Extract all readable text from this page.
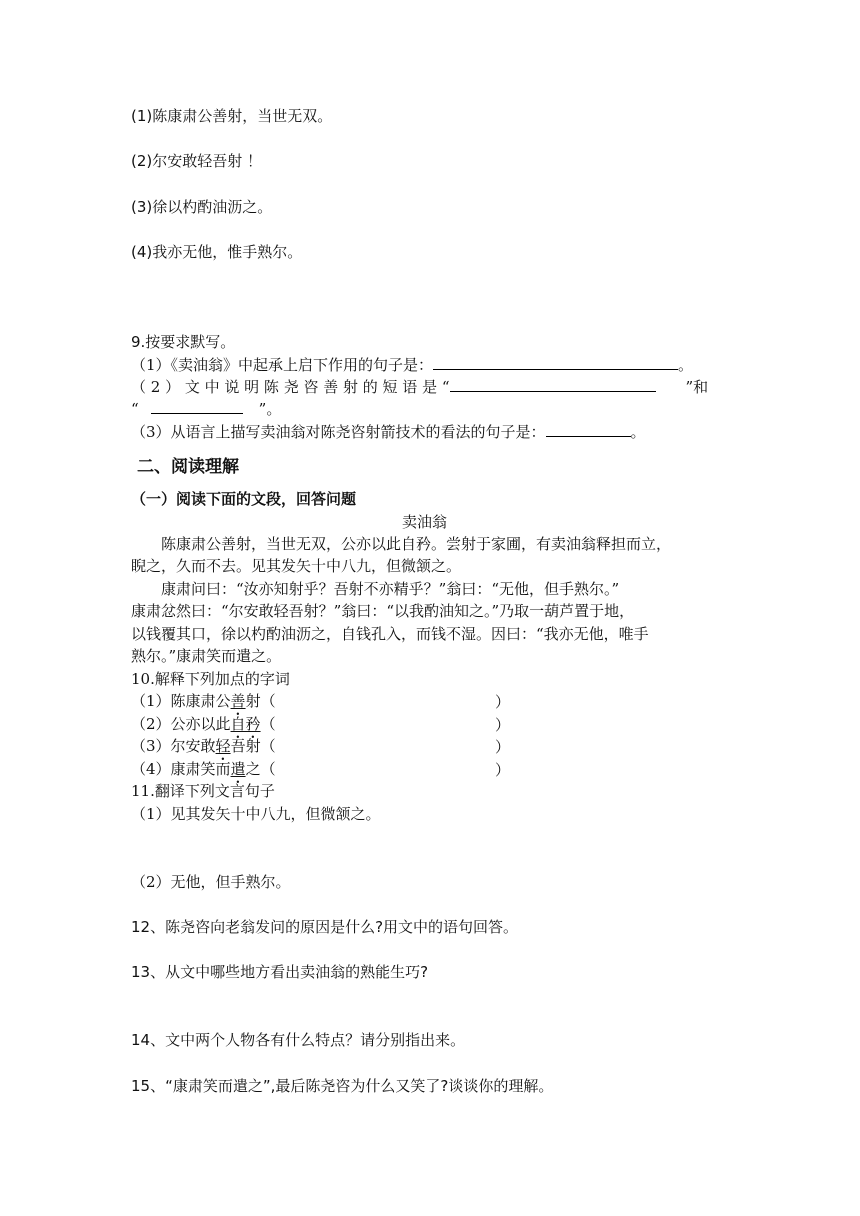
(1)陈康肃公善射，当世无双。
(2)尔安敢轻吾射 ！
(3)徐以杓酌油沥之。
(4)我亦无他，惟手熟尔。
9.按要求默写。
（1）《卖油翁》中起承上启下作用的句子是：	。
（ 2 ） 文 中 说 明 陈 尧 咨 善 射 的 短 语 是 “	”和
“	”。
（3）从语言上描写卖油翁对陈尧咨射箭技术的看法的句子是：	。
二、阅读理解
（一）阅读下面的文段，回答问题
卖油翁
陈康肃公善射，当世无双，公亦以此自矜。尝射于家圃，有卖油翁释担而立，
睨之，久而不去。见其发矢十中八九，但微颔之。
康肃问曰：“汝亦知射乎？吾射不亦精乎？”翁曰：“无他，但手熟尔。”
康肃忿然曰：“尔安敢轻吾射？”翁曰：“以我酌油知之。”乃取一葫芦置于地，
以钱覆其口，徐以杓酌油沥之，自钱孔入，而钱不湿。因曰：“我亦无他，唯手
熟尔。”康肃笑而遣之。
10.解释下列加点的字词
（1）陈康肃公善射（	）
（2）公亦以此自矜（	）
（3）尔安敢轻吾射（	）
（4）康肃笑而遣之（	）
11.翻译下列文言句子
（1）见其发矢十中八九，但微颔之。
（2）无他，但手熟尔。
12、陈尧咨向老翁发问的原因是什么?用文中的语句回答。
13、从文中哪些地方看出卖油翁的熟能生巧?
14、文中两个人物各有什么特点？请分别指出来。
15、“康肃笑而遣之”,最后陈尧咨为什么又笑了?谈谈你的理解。
